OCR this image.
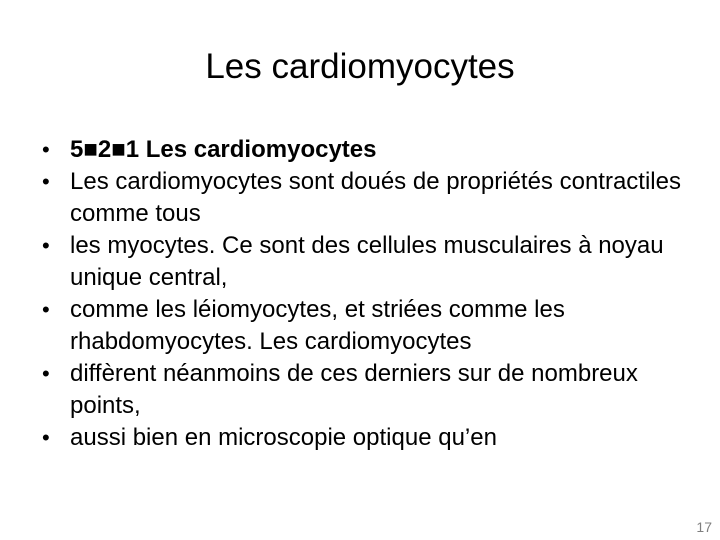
Les cardiomyocytes
• 5■2■1 Les cardiomyocytes
• Les cardiomyocytes sont doués de propriétés contractiles comme tous
• les myocytes. Ce sont des cellules musculaires à noyau unique central,
• comme les léiomyocytes, et striées comme les rhabdomyocytes. Les cardiomyocytes
• diffèrent néanmoins de ces derniers sur de nombreux points,
• aussi bien en microscopie optique qu’en
17
